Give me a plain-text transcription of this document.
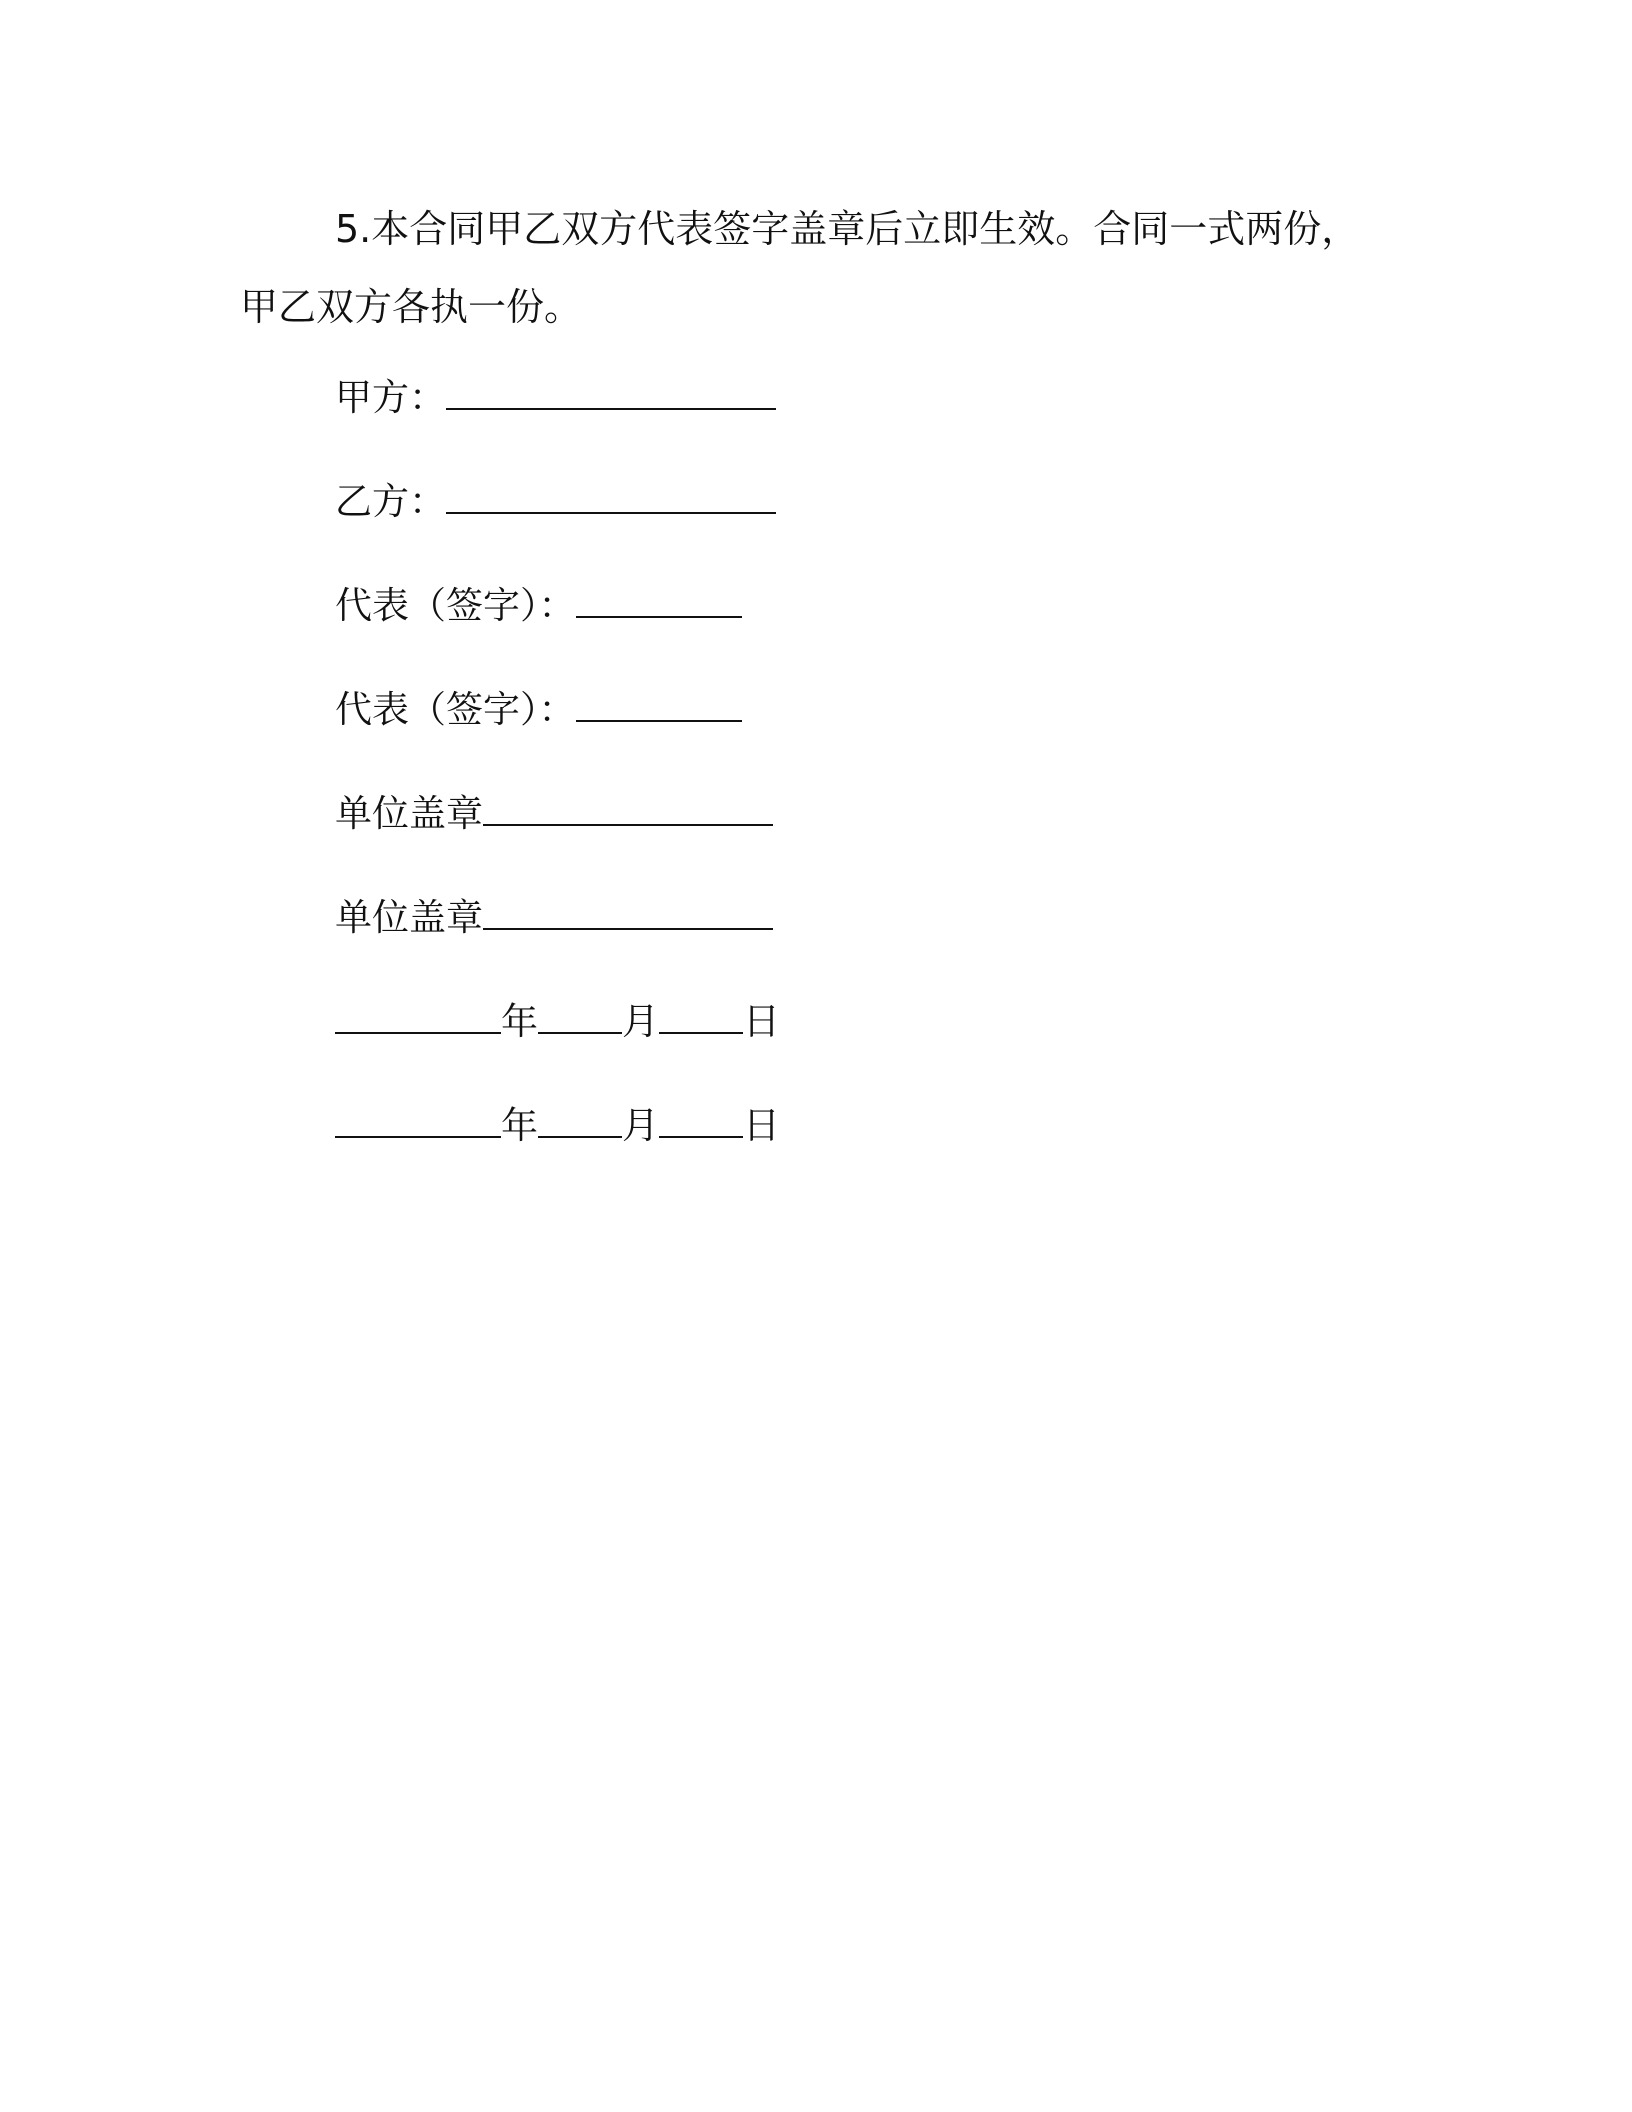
5.本合同甲乙双方代表签字盖章后立即生效。合同一式两份，甲乙双方各执一份。

甲方：
乙方：
代表（签字）：
代表（签字）：
单位盖章
单位盖章
年 月 日
年 月 日
